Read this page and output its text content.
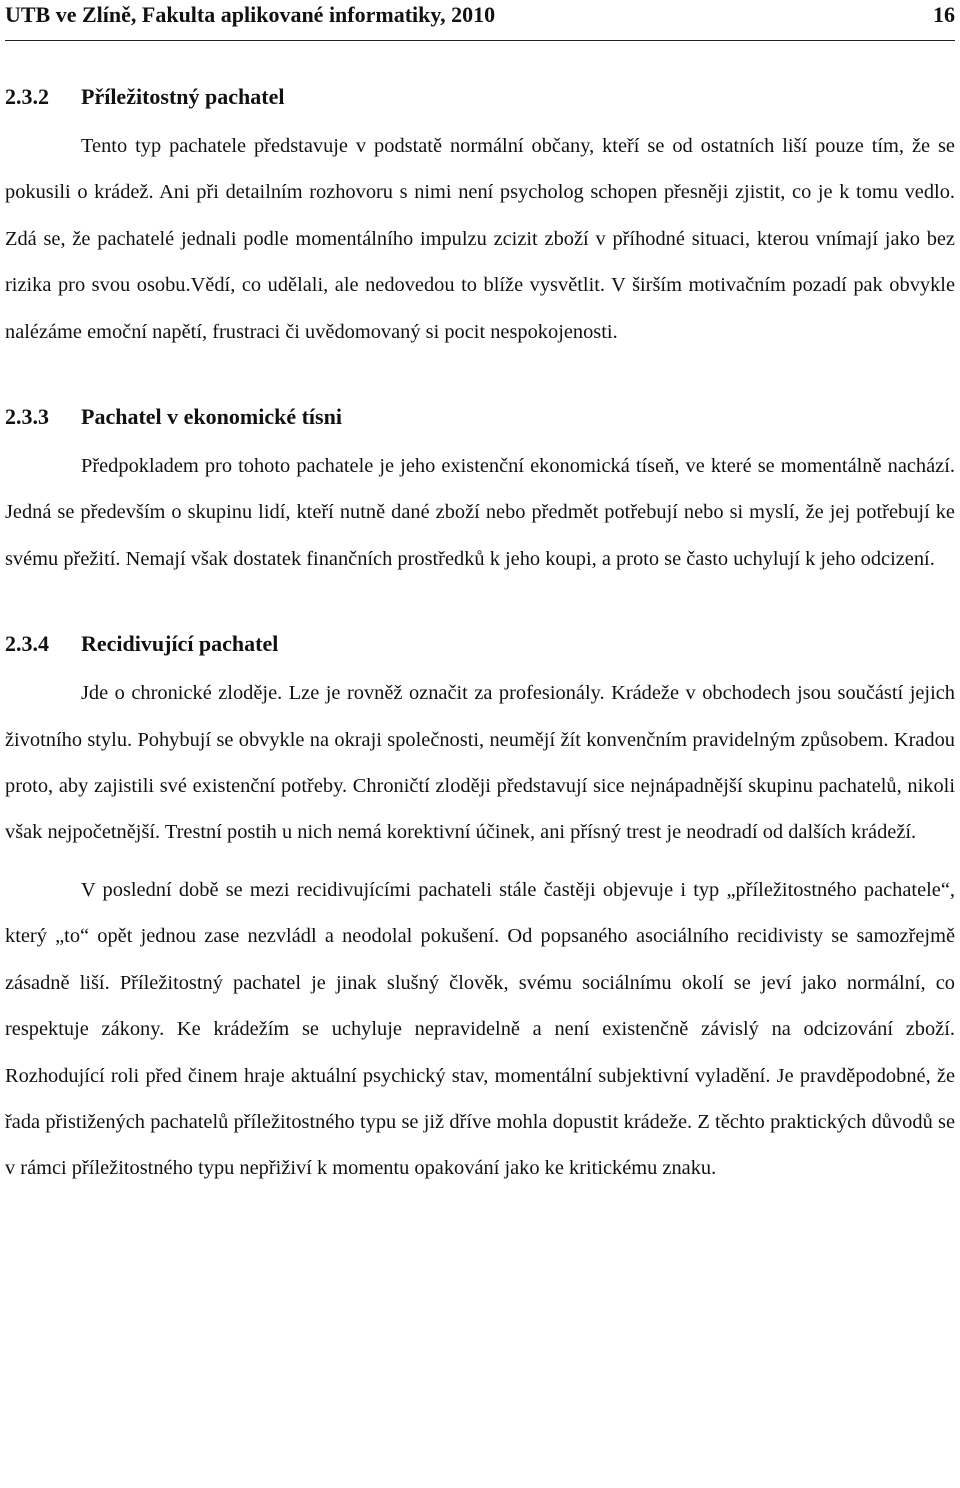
UTB ve Zlíně, Fakulta aplikované informatiky, 2010	16
2.3.2 Příležitostný pachatel

Tento typ pachatele představuje v podstatě normální občany, kteří se od ostatních liší pouze tím, že se pokusili o krádež. Ani při detailním rozhovoru s nimi není psycholog schopen přesněji zjistit, co je k tomu vedlo. Zdá se, že pachatelé jednali podle momentálního impulzu zcizit zboží v příhodné situaci, kterou vnímají jako bez rizika pro svou osobu.Vědí, co udělali, ale nedovedou to blíže vysvětlit. V širším motivačním pozadí pak obvykle nalézáme emoční napětí, frustraci či uvědomovaný si pocit nespokojenosti.

2.3.3 Pachatel v ekonomické tísni

Předpokladem pro tohoto pachatele je jeho existenční ekonomická tíseň, ve které se momentálně nachází. Jedná se především o skupinu lidí, kteří nutně dané zboží nebo předmět potřebují nebo si myslí, že jej potřebují ke svému přežití. Nemají však dostatek finančních prostředků k jeho koupi, a proto se často uchylují k jeho odcizení.

2.3.4 Recidivující pachatel

Jde o chronické zloděje. Lze je rovněž označit za profesionály. Krádeže v obchodech jsou součástí jejich životního stylu. Pohybují se obvykle na okraji společnosti, neumějí žít konvenčním pravidelným způsobem. Kradou proto, aby zajistili své existenční potřeby. Chroničtí zloději představují sice nejnápadnější skupinu pachatelů, nikoli však nejpočetnější. Trestní postih u nich nemá korektivní účinek, ani přísný trest je neodradí od dalších krádeží.

V poslední době se mezi recidivujícími pachateli stále častěji objevuje i typ „příležitostného pachatele“, který „to“ opět jednou zase nezvládl a neodolal pokušení. Od popsaného asociálního recidivisty se samozřejmě zásadně liší. Příležitostný pachatel je jinak slušný člověk, svému sociálnímu okolí se jeví jako normální, co respektuje zákony. Ke krádežím se uchyluje nepravidelně a není existenčně závislý na odcizování zboží. Rozhodující roli před činem hraje aktuální psychický stav, momentální subjektivní vyladění. Je pravděpodobné, že řada přistižených pachatelů příležitostného typu se již dříve mohla dopustit krádeže. Z těchto praktických důvodů se v rámci příležitostného typu nepřiživí k momentu opakování jako ke kritickému znaku.
